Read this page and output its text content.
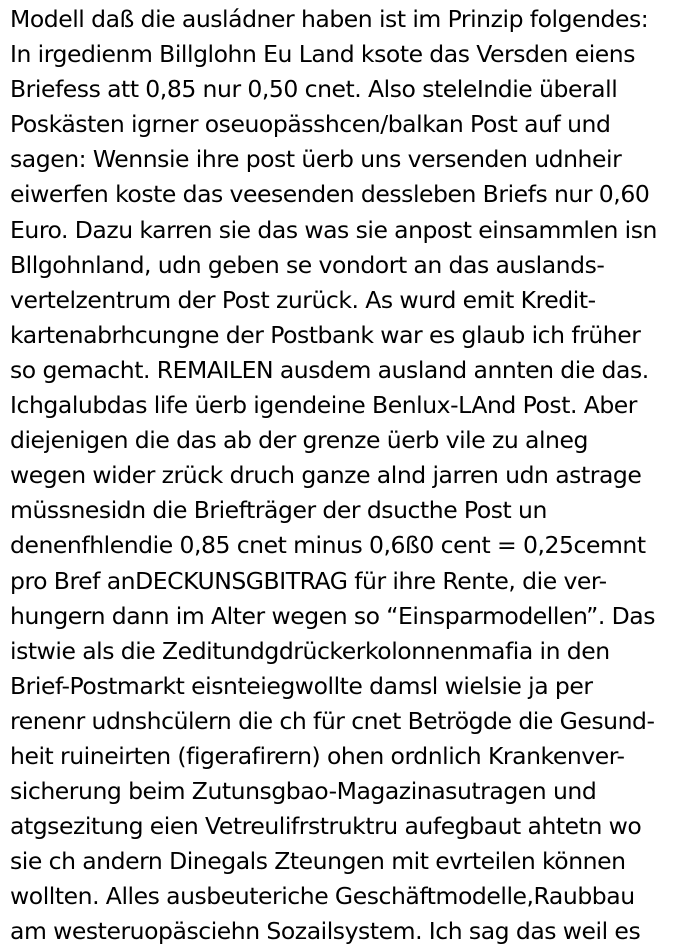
Modell daß die ausládner haben ist im Prinzip folgendes:
In irgedienm Billglohn Eu Land ksote das Versden eiens
Briefess att 0,85 nur 0,50 cnet. Also steleIndie überall
Poskästen igrner oseuopässhcen/balkan Post auf und
sagen: Wennsie ihre post üerb uns versenden udnheir
eiwerfen koste das veesenden dessleben Briefs nur 0,60
Euro. Dazu karren sie das was sie anpost einsammlen isn
Bllgohnland, udn geben se vondort an das auslands-
vertelzentrum der Post zurück. As wurd emit Kredit-
kartenabrhcungne der Postbank war es glaub ich früher
so gemacht. REMAILEN ausdem ausland annten die das.
Ichgalubdas life üerb igendeine Benlux-LAnd Post. Aber
diejenigen die das ab der grenze üerb vile zu alneg
wegen wider zrück druch ganze alnd jarren udn astrage
müssnesidn die Briefträger der dsucthe Post un
denenfhlendie 0,85 cnet minus 0,6ß0 cent = 0,25cemnt
pro Bref anDECKUNSGBITRAG für ihre Rente, die ver-
hungern dann im Alter wegen so “Einsparmodellen”. Das
istwie als die Zeditundgdrückerkolonnenmafia in den
Brief-Postmarkt eisnteiegwollte damsl wielsie ja per
renenr udnshcülern die ch für cnet Betrögde die Gesund-
heit ruineirten (figerafirern) ohen ordnlich Krankenver-
sicherung beim Zutunsgbao-Magazinasutragen und
atgsezitung eien Vetreulifrstruktru aufegbaut ahtetn wo
sie ch andern Dinegals Zteungen mit evrteilen können
wollten. Alles ausbeuteriche Geschäftmodelle,Raubbau
am westeruopäsciehn Sozailsystem. Ich sag das weil es
